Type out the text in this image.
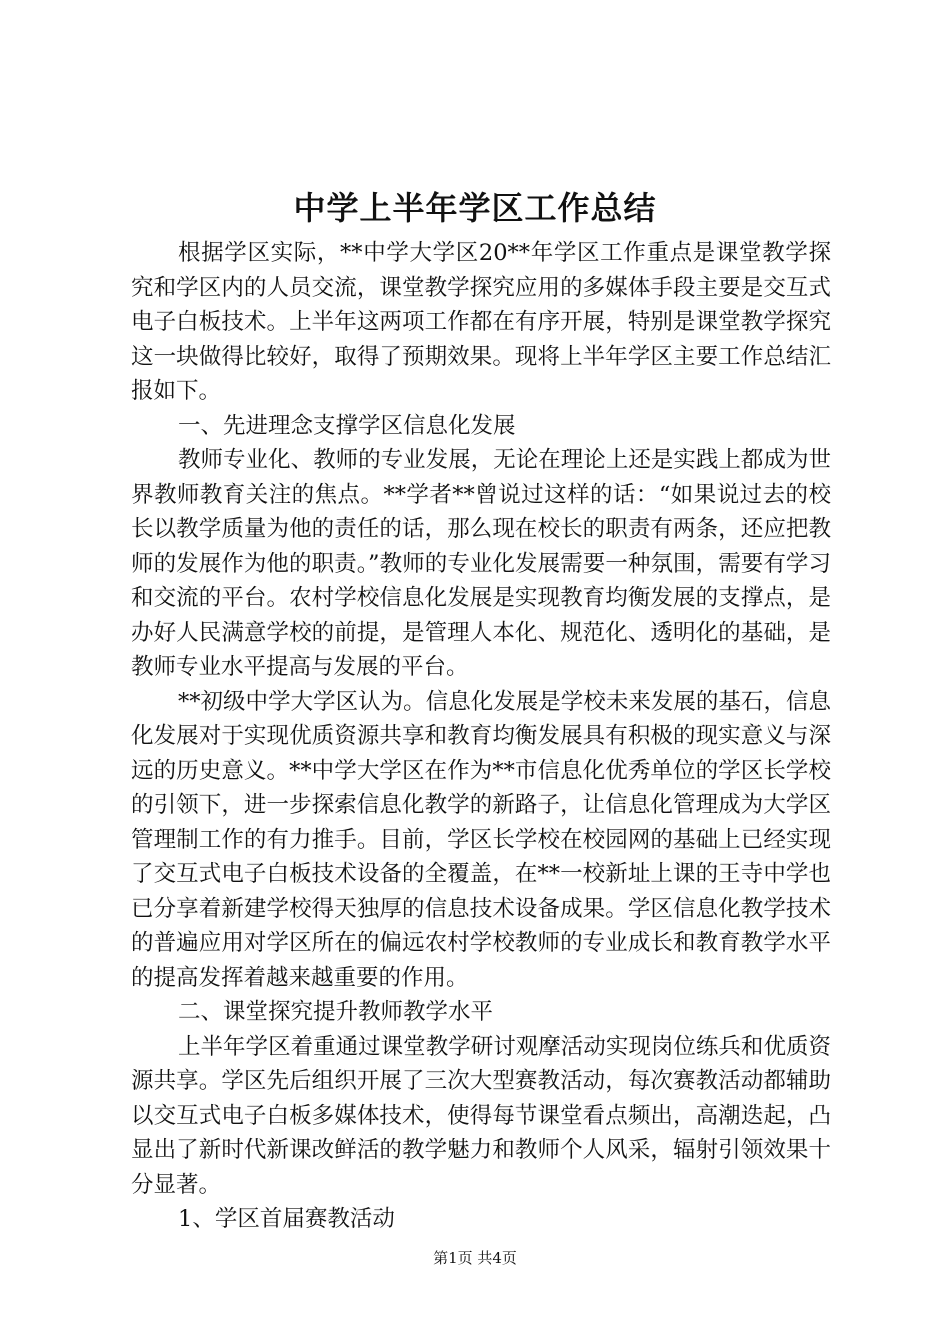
中学上半年学区工作总结

根据学区实际，**中学大学区20**年学区工作重点是课堂教学探究和学区内的人员交流，课堂教学探究应用的多媒体手段主要是交互式电子白板技术。上半年这两项工作都在有序开展，特别是课堂教学探究这一块做得比较好，取得了预期效果。现将上半年学区主要工作总结汇报如下。

一、先进理念支撑学区信息化发展

教师专业化、教师的专业发展，无论在理论上还是实践上都成为世界教师教育关注的焦点。**学者**曾说过这样的话：“如果说过去的校长以教学质量为他的责任的话，那么现在校长的职责有两条，还应把教师的发展作为他的职责。”教师的专业化发展需要一种氛围，需要有学习和交流的平台。农村学校信息化发展是实现教育均衡发展的支撑点，是办好人民满意学校的前提，是管理人本化、规范化、透明化的基础，是教师专业水平提高与发展的平台。

**初级中学大学区认为。信息化发展是学校未来发展的基石，信息化发展对于实现优质资源共享和教育均衡发展具有积极的现实意义与深远的历史意义。**中学大学区在作为**市信息化优秀单位的学区长学校的引领下，进一步探索信息化教学的新路子，让信息化管理成为大学区管理制工作的有力推手。目前，学区长学校在校园网的基础上已经实现了交互式电子白板技术设备的全覆盖，在**一校新址上课的王寺中学也已分享着新建学校得天独厚的信息技术设备成果。学区信息化教学技术的普遍应用对学区所在的偏远农村学校教师的专业成长和教育教学水平的提高发挥着越来越重要的作用。

二、课堂探究提升教师教学水平

上半年学区着重通过课堂教学研讨观摩活动实现岗位练兵和优质资源共享。学区先后组织开展了三次大型赛教活动，每次赛教活动都辅助以交互式电子白板多媒体技术，使得每节课堂看点频出，高潮迭起，凸显出了新时代新课改鲜活的教学魅力和教师个人风采，辐射引领效果十分显著。

1、学区首届赛教活动

第1页 共4页
